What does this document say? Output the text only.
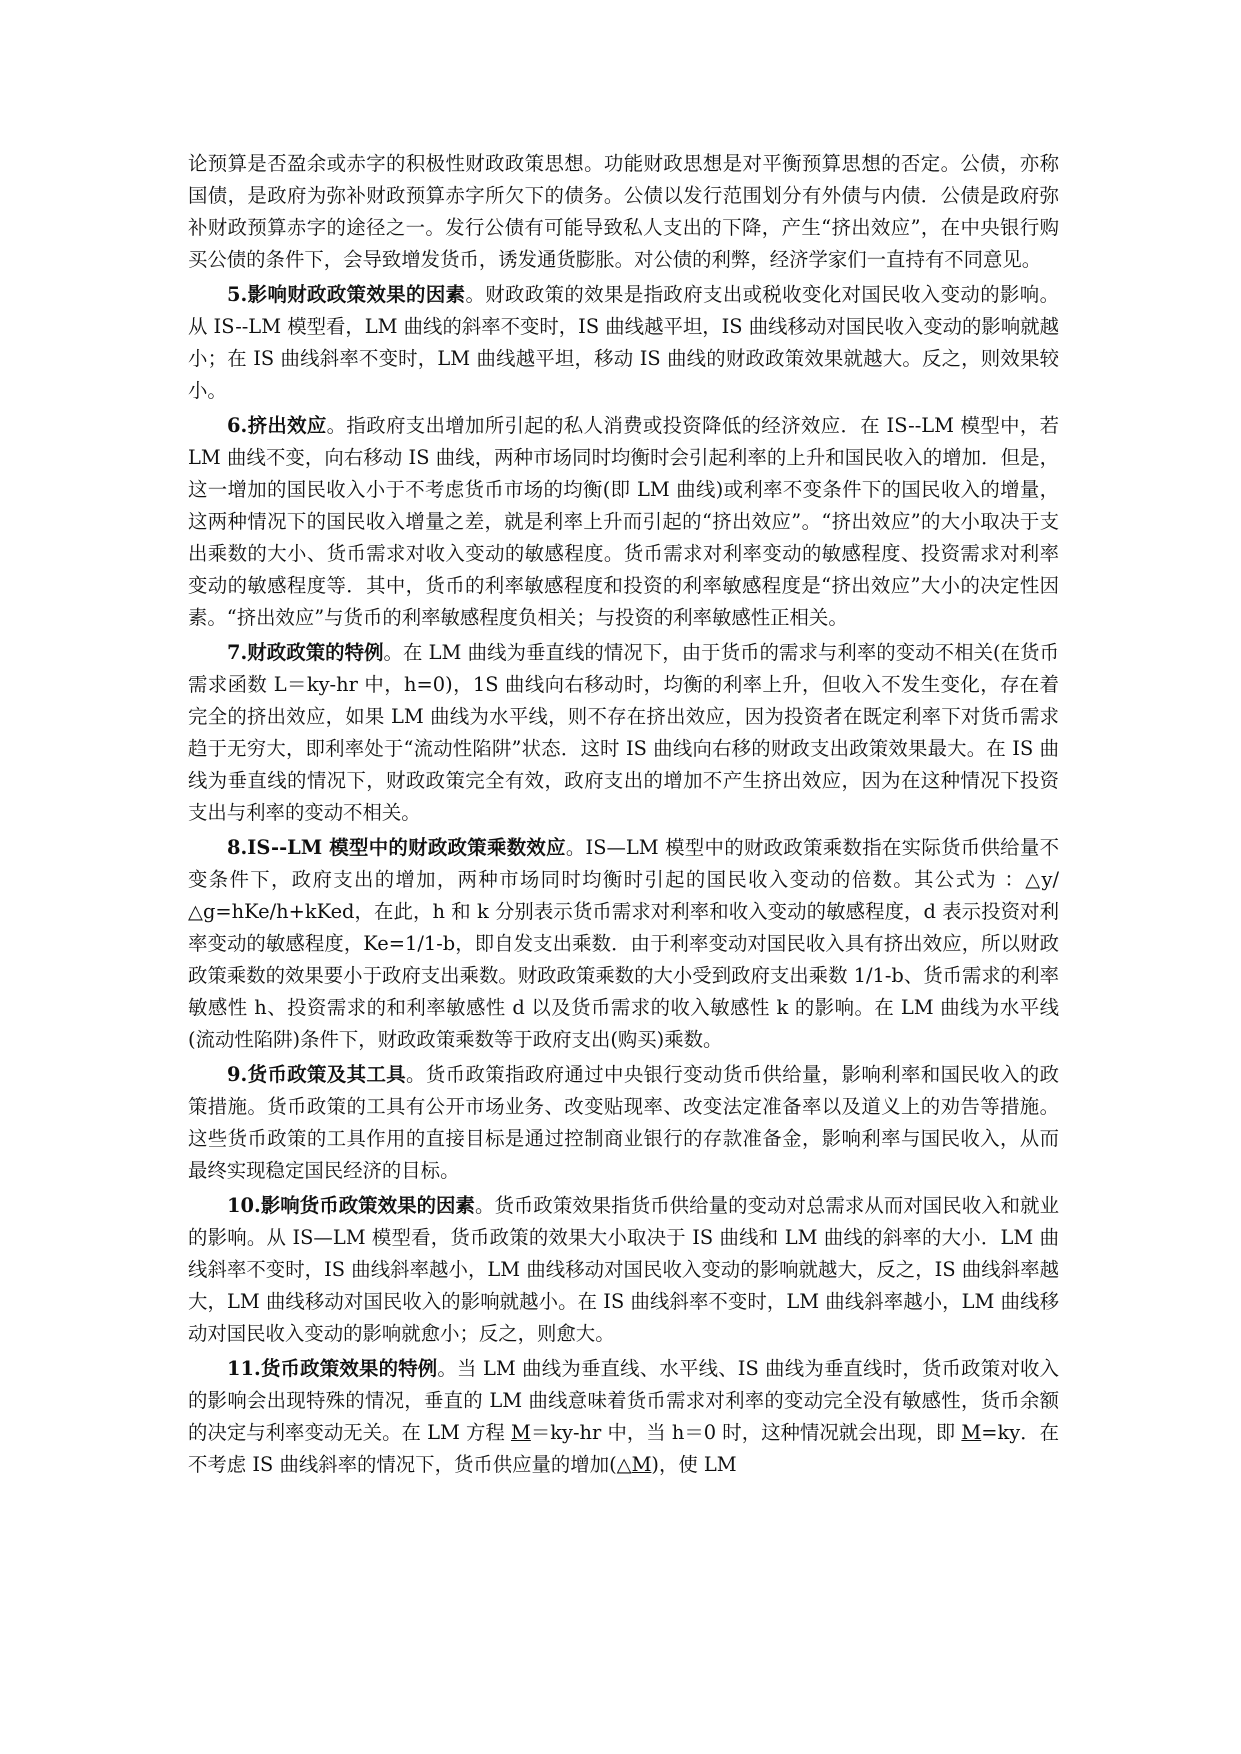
论预算是否盈余或赤字的积极性财政政策思想。功能财政思想是对平衡预算思想的否定。公债，亦称国债，是政府为弥补财政预算赤字所欠下的债务。公债以发行范围划分有外债与内债．公债是政府弥补财政预算赤字的途径之一。发行公债有可能导致私人支出的下降，产生“挤出效应”，在中央银行购买公债的条件下，会导致增发货币，诱发通货膨胀。对公债的利弊，经济学家们一直持有不同意见。

5.影响财政政策效果的因素。财政政策的效果是指政府支出或税收变化对国民收入变动的影响。从 IS--LM 模型看，LM 曲线的斜率不变时，IS 曲线越平坦，IS 曲线移动对国民收入变动的影响就越小；在 IS 曲线斜率不变时，LM 曲线越平坦，移动 IS 曲线的财政政策效果就越大。反之，则效果较小。

6.挤出效应。指政府支出增加所引起的私人消费或投资降低的经济效应．在 IS--LM 模型中，若 LM 曲线不变，向右移动 IS 曲线，两种市场同时均衡时会引起利率的上升和国民收入的增加．但是，这一增加的国民收入小于不考虑货币市场的均衡(即 LM 曲线)或利率不变条件下的国民收入的增量，这两种情况下的国民收入增量之差，就是利率上升而引起的“挤出效应”。“挤出效应”的大小取决于支出乘数的大小、货币需求对收入变动的敏感程度。货币需求对利率变动的敏感程度、投资需求对利率变动的敏感程度等．其中，货币的利率敏感程度和投资的利率敏感程度是“挤出效应”大小的决定性因素。“挤出效应”与货币的利率敏感程度负相关；与投资的利率敏感性正相关。

7.财政政策的特例。在 LM 曲线为垂直线的情况下，由于货币的需求与利率的变动不相关(在货币需求函数 L＝ky-hr 中，h=0)，1S 曲线向右移动时，均衡的利率上升，但收入不发生变化，存在着完全的挤出效应，如果 LM 曲线为水平线，则不存在挤出效应，因为投资者在既定利率下对货币需求趋于无穷大，即利率处于“流动性陷阱”状态．这时 IS 曲线向右移的财政支出政策效果最大。在 IS 曲线为垂直线的情况下，财政政策完全有效，政府支出的增加不产生挤出效应，因为在这种情况下投资支出与利率的变动不相关。

8.IS--LM 模型中的财政政策乘数效应。IS—LM 模型中的财政政策乘数指在实际货币供给量不变条件下，政府支出的增加，两种市场同时均衡时引起的国民收入变动的倍数。其公式为 ：△y/△g=hKe/h+kKed，在此，h 和 k 分别表示货币需求对利率和收入变动的敏感程度，d 表示投资对利率变动的敏感程度，Ke=1/1-b，即自发支出乘数．由于利率变动对国民收入具有挤出效应，所以财政政策乘数的效果要小于政府支出乘数。财政政策乘数的大小受到政府支出乘数 1/1-b、货币需求的利率敏感性 h、投资需求的和利率敏感性 d 以及货币需求的收入敏感性 k 的影响。在 LM 曲线为水平线(流动性陷阱)条件下，财政政策乘数等于政府支出(购买)乘数。

9.货币政策及其工具。货币政策指政府通过中央银行变动货币供给量，影响利率和国民收入的政策措施。货币政策的工具有公开市场业务、改变贴现率、改变法定准备率以及道义上的劝告等措施。这些货币政策的工具作用的直接目标是通过控制商业银行的存款准备金，影响利率与国民收入，从而最终实现稳定国民经济的目标。

10.影响货币政策效果的因素。货币政策效果指货币供给量的变动对总需求从而对国民收入和就业的影响。从 IS—LM 模型看，货币政策的效果大小取决于 IS 曲线和 LM 曲线的斜率的大小．LM 曲线斜率不变时，IS 曲线斜率越小，LM 曲线移动对国民收入变动的影响就越大，反之，IS 曲线斜率越大，LM 曲线移动对国民收入的影响就越小。在 IS 曲线斜率不变时，LM 曲线斜率越小，LM 曲线移动对国民收入变动的影响就愈小；反之，则愈大。

11.货币政策效果的特例。当 LM 曲线为垂直线、水平线、IS 曲线为垂直线时，货币政策对收入的影响会出现特殊的情况，垂直的 LM 曲线意味着货币需求对利率的变动完全没有敏感性，货币余额的决定与利率变动无关。在 LM 方程 M＝ky-hr 中，当 h＝0 时，这种情况就会出现，即 M=ky．在不考虑 IS 曲线斜率的情况下，货币供应量的增加(△M)，使 LM
